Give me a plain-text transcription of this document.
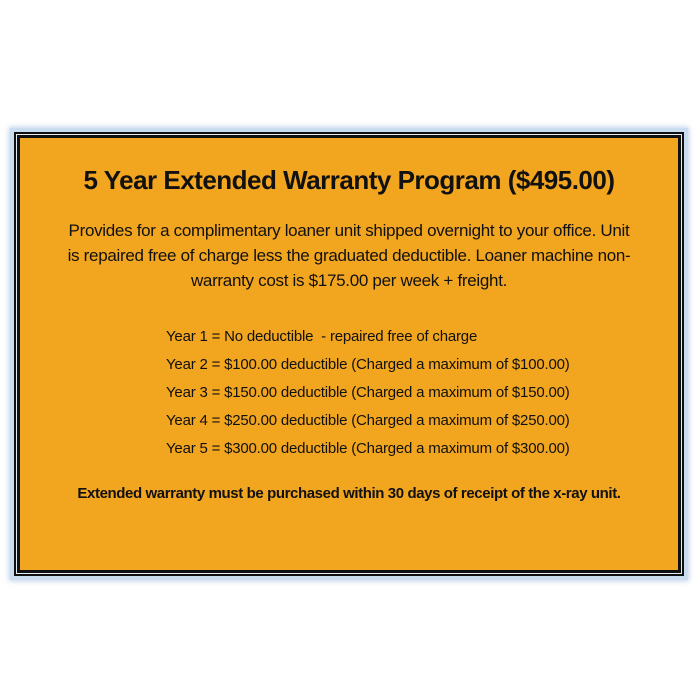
5 Year Extended Warranty Program ($495.00)
Provides for a complimentary loaner unit shipped overnight to your office. Unit
is repaired free of charge less the graduated deductible. Loaner machine non-
warranty cost is $175.00 per week + freight.
Year 1 = No deductible  - repaired free of charge
Year 2 = $100.00 deductible (Charged a maximum of $100.00)
Year 3 = $150.00 deductible (Charged a maximum of $150.00)
Year 4 = $250.00 deductible (Charged a maximum of $250.00)
Year 5 = $300.00 deductible (Charged a maximum of $300.00)
Extended warranty must be purchased within 30 days of receipt of the x-ray unit.
